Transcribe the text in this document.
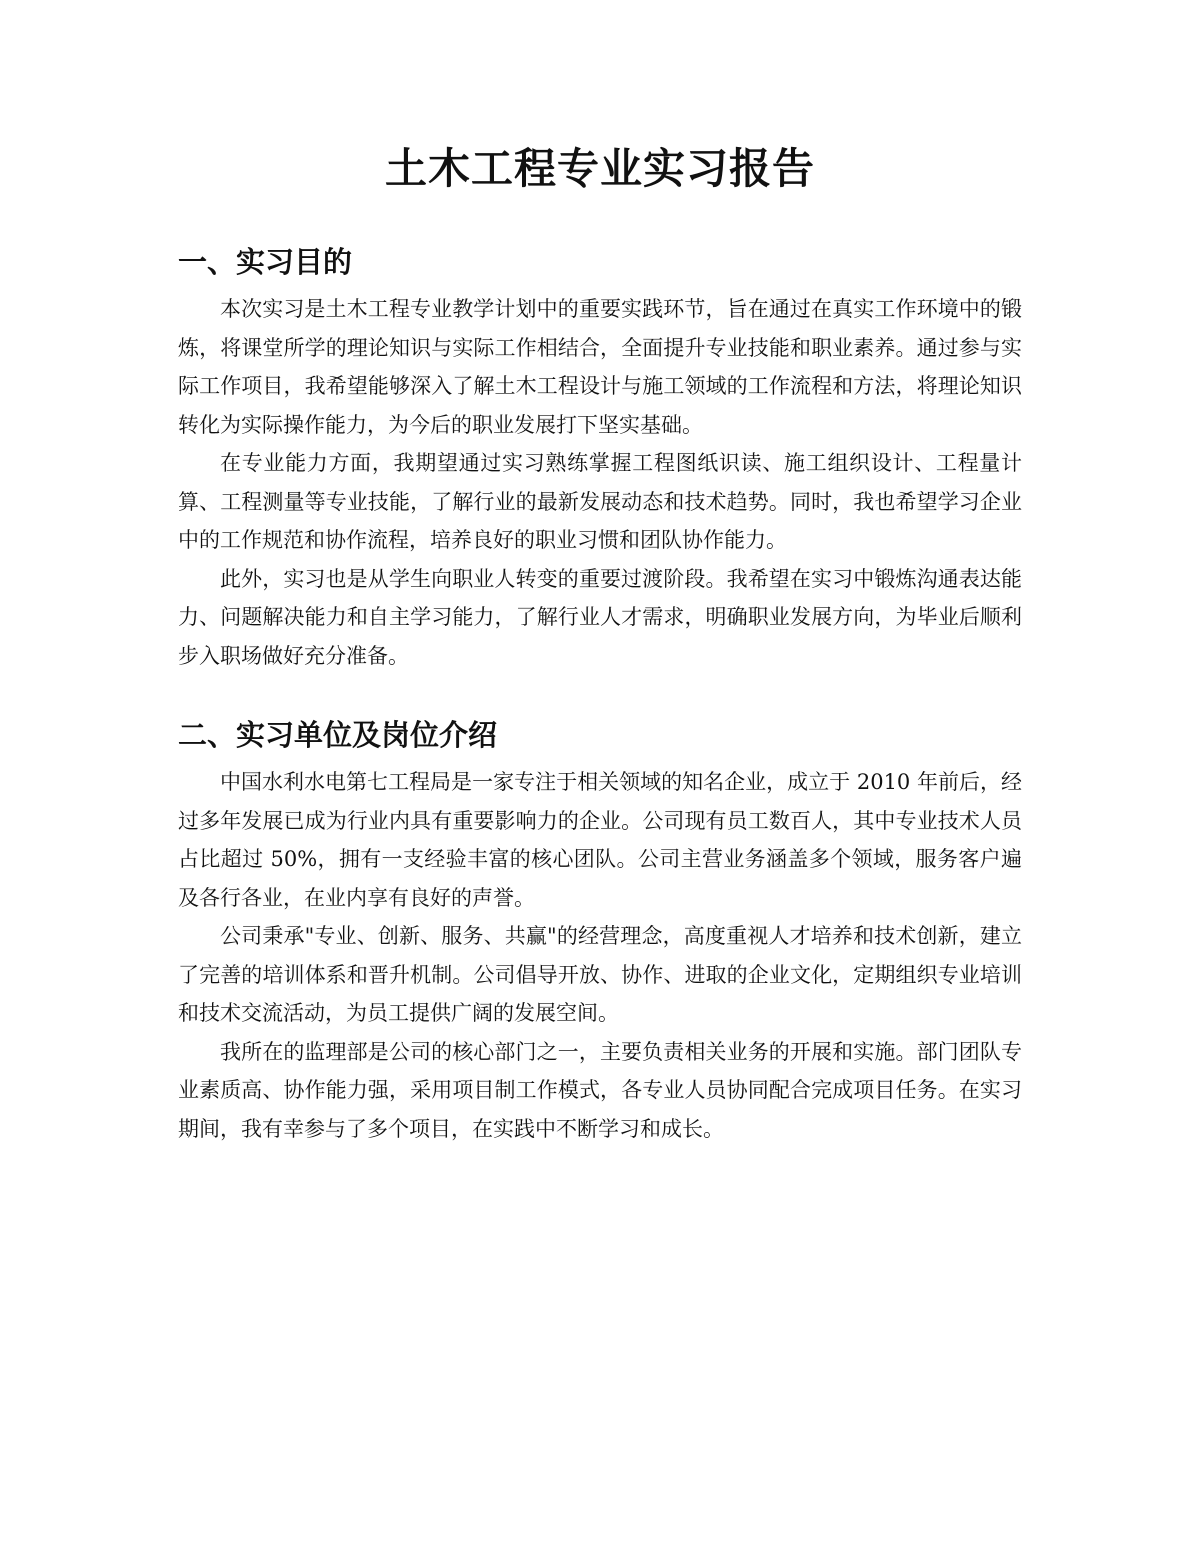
土木工程专业实习报告
一、实习目的

本次实习是土木工程专业教学计划中的重要实践环节，旨在通过在真实工作环境中的锻炼，将课堂所学的理论知识与实际工作相结合，全面提升专业技能和职业素养。通过参与实际工作项目，我希望能够深入了解土木工程设计与施工领域的工作流程和方法，将理论知识转化为实际操作能力，为今后的职业发展打下坚实基础。

在专业能力方面，我期望通过实习熟练掌握工程图纸识读、施工组织设计、工程量计算、工程测量等专业技能，了解行业的最新发展动态和技术趋势。同时，我也希望学习企业中的工作规范和协作流程，培养良好的职业习惯和团队协作能力。

此外，实习也是从学生向职业人转变的重要过渡阶段。我希望在实习中锻炼沟通表达能力、问题解决能力和自主学习能力，了解行业人才需求，明确职业发展方向，为毕业后顺利步入职场做好充分准备。

二、实习单位及岗位介绍

中国水利水电第七工程局是一家专注于相关领域的知名企业，成立于 2010 年前后，经过多年发展已成为行业内具有重要影响力的企业。公司现有员工数百人，其中专业技术人员占比超过 50%，拥有一支经验丰富的核心团队。公司主营业务涵盖多个领域，服务客户遍及各行各业，在业内享有良好的声誉。

公司秉承"专业、创新、服务、共赢"的经营理念，高度重视人才培养和技术创新，建立了完善的培训体系和晋升机制。公司倡导开放、协作、进取的企业文化，定期组织专业培训和技术交流活动，为员工提供广阔的发展空间。

我所在的监理部是公司的核心部门之一，主要负责相关业务的开展和实施。部门团队专业素质高、协作能力强，采用项目制工作模式，各专业人员协同配合完成项目任务。在实习期间，我有幸参与了多个项目，在实践中不断学习和成长。
